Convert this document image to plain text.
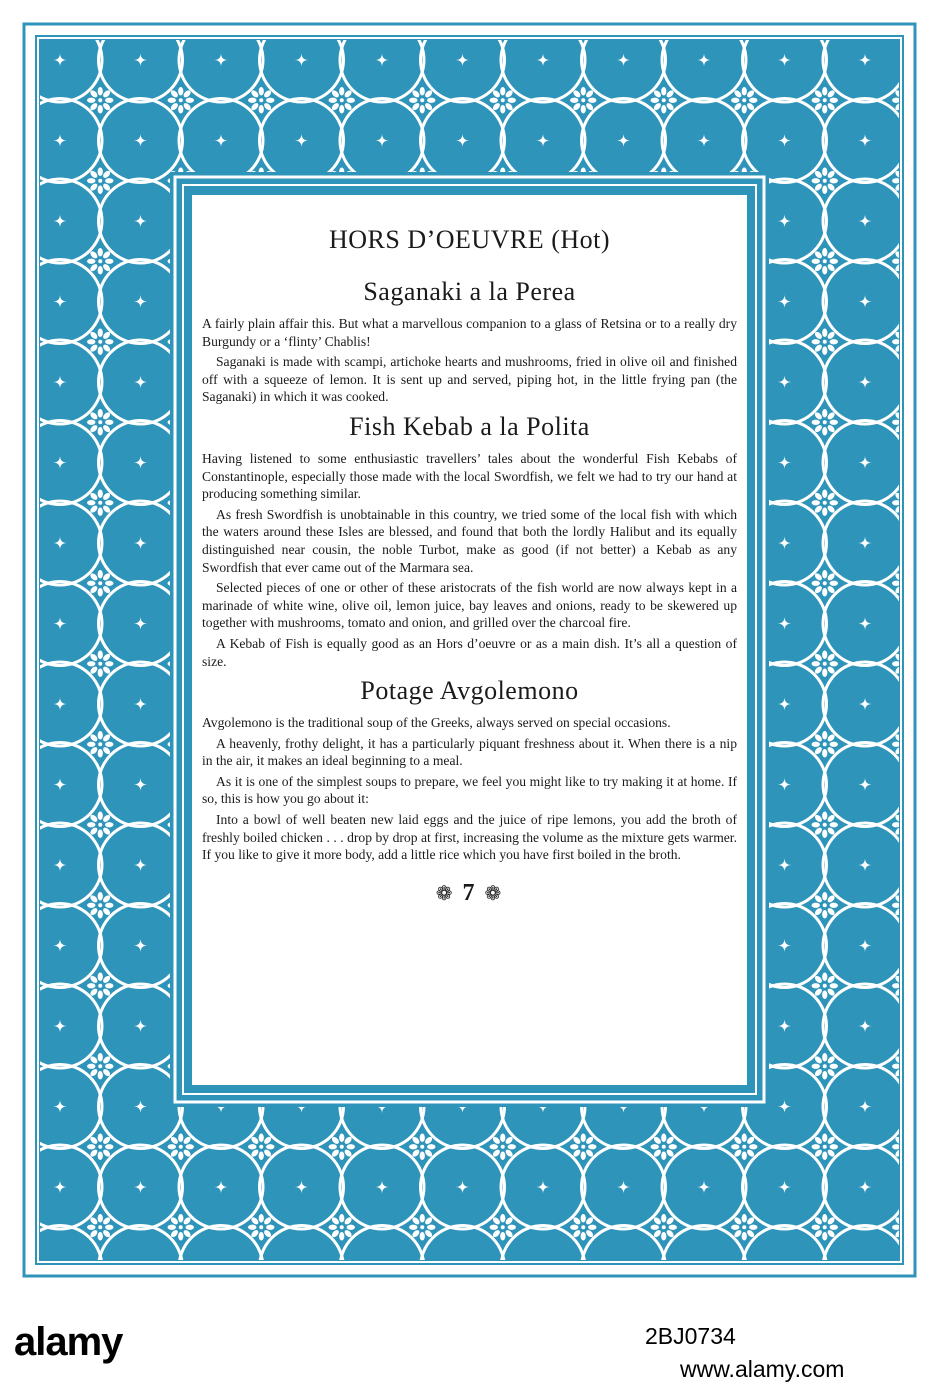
HORS D’OEUVRE (Hot)
Saganaki a la Perea

A fairly plain affair this. But what a marvellous companion to a glass of Retsina or to a really dry Burgundy or a ‘flinty’ Chablis!

Saganaki is made with scampi, artichoke hearts and mushrooms, fried in olive oil and finished off with a squeeze of lemon. It is sent up and served, piping hot, in the little frying pan (the Saganaki) in which it was cooked.

Fish Kebab a la Polita

Having listened to some enthusiastic travellers’ tales about the wonderful Fish Kebabs of Constantinople, especially those made with the local Swordfish, we felt we had to try our hand at producing something similar.

As fresh Swordfish is unobtainable in this country, we tried some of the local fish with which the waters around these Isles are blessed, and found that both the lordly Halibut and its equally distinguished near cousin, the noble Turbot, make as good (if not better) a Kebab as any Swordfish that ever came out of the Marmara sea.

Selected pieces of one or other of these aristocrats of the fish world are now always kept in a marinade of white wine, olive oil, lemon juice, bay leaves and onions, ready to be skewered up together with mushrooms, tomato and onion, and grilled over the charcoal fire.

A Kebab of Fish is equally good as an Hors d’oeuvre or as a main dish. It’s all a question of size.

Potage Avgolemono

Avgolemono is the traditional soup of the Greeks, always served on special occasions.

A heavenly, frothy delight, it has a particularly piquant freshness about it. When there is a nip in the air, it makes an ideal beginning to a meal.

As it is one of the simplest soups to prepare, we feel you might like to try making it at home. If so, this is how you go about it:

Into a bowl of well beaten new laid eggs and the juice of ripe lemons, you add the broth of freshly boiled chicken . . . drop by drop at first, increasing the volume as the mixture gets warmer. If you like to give it more body, add a little rice which you have first boiled in the broth.

❁ 7 ❁
alamy	2BJ0734
www.alamy.com
